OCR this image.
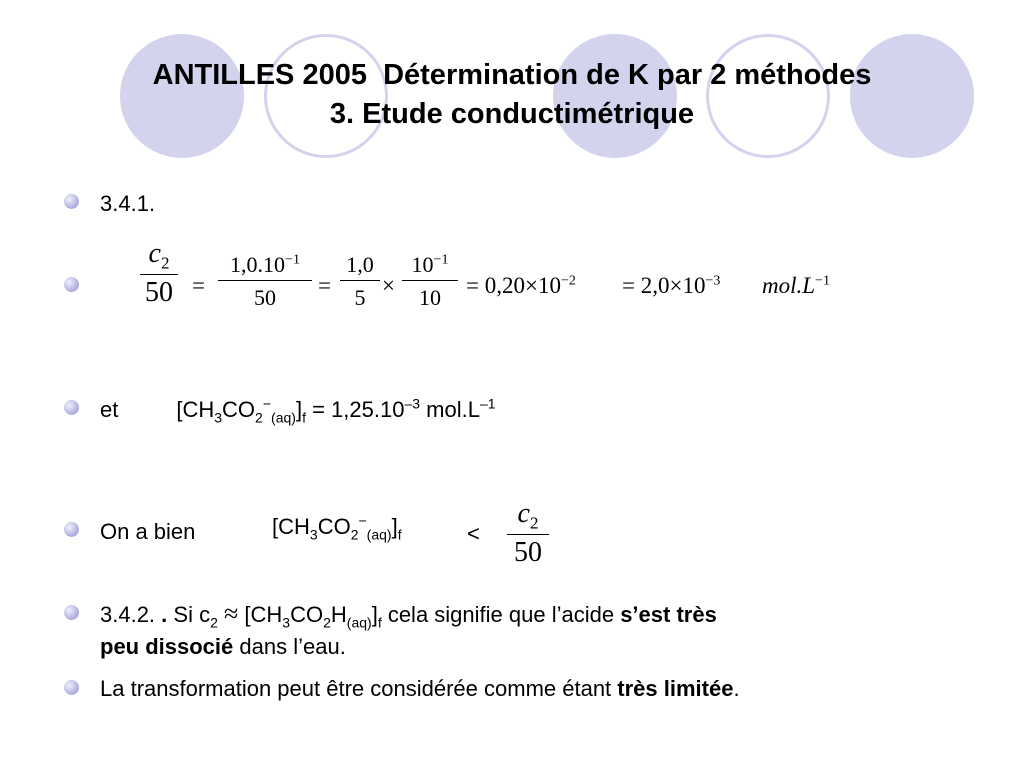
ANTILLES 2005  Détermination de K par 2 méthodes
3. Etude conductimétrique
3.4.1.
$\frac{c_2}{50} = \frac{1,0.10^{-1}}{50} = \frac{1,0}{5} \times \frac{10^{-1}}{10} = 0,20\times 10^{-2} = 2,0\times 10^{-3}$ $mol.L^{-1}$
et	$[CH_3CO_2^-_{(aq)}]_f = 1,25.10^{-3}$ $mol.L^{-1}$
On a bien	$[CH_3CO_2^-_{(aq)}]_f$	< $\frac{c_2}{50}$
3.4.2. . Si $c_2 \approx [CH_3CO_2H_{(aq)}]_f$ cela signifie que l’acide s’est très
peu dissocié dans l’eau.
La transformation peut être considérée comme étant très limitée.
